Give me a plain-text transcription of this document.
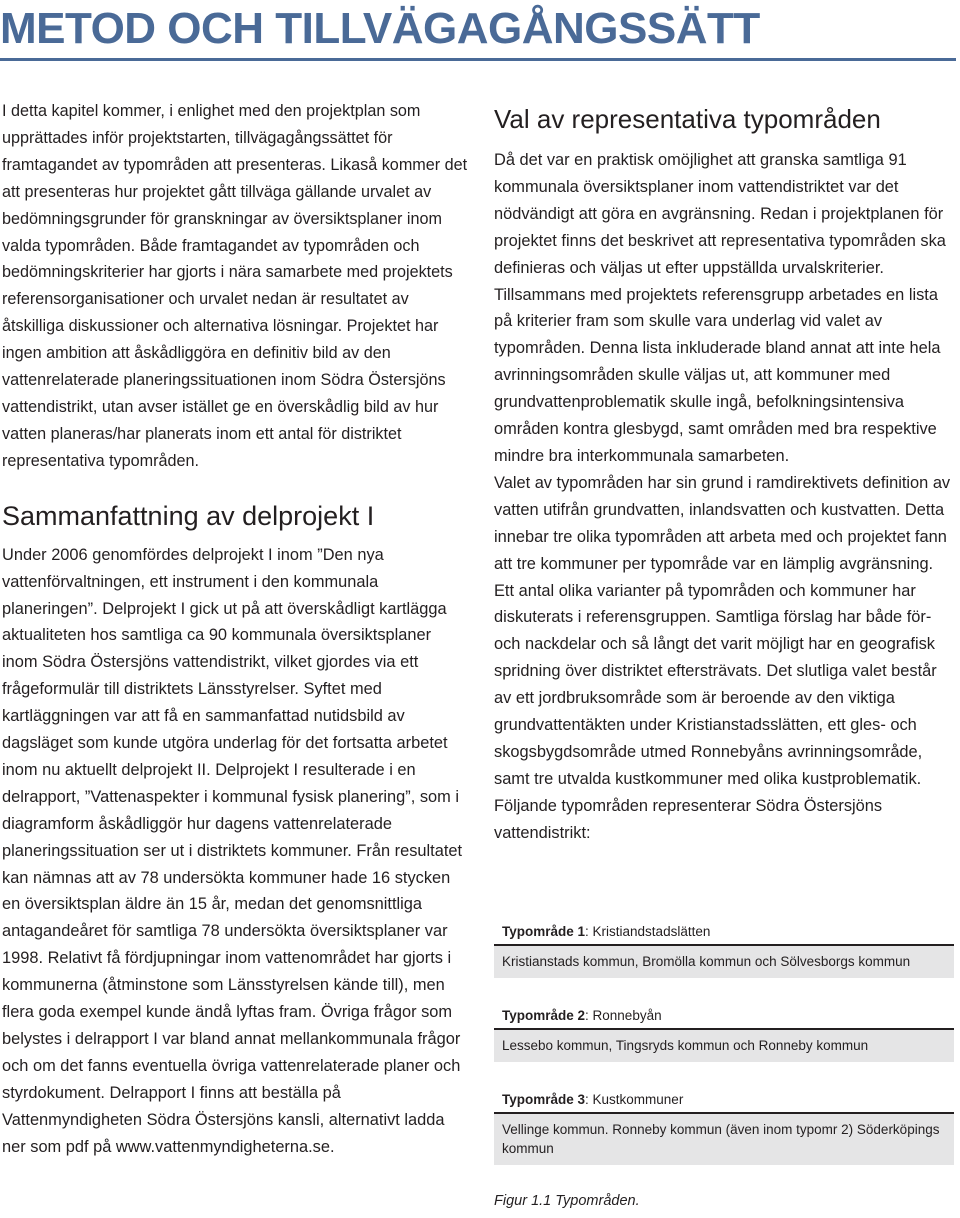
METOD OCH TILLVÄGAGÅNGSSÄTT

I detta kapitel kommer, i enlighet med den projektplan som upprättades inför projektstarten, tillvägagångssättet för framtagandet av typområden att presenteras. Likaså kommer det att presenteras hur projektet gått tillväga gällande urvalet av bedömningsgrunder för granskningar av översiktsplaner inom valda typområden. Både framtagandet av typområden och bedömningskriterier har gjorts i nära samarbete med projektets referensorganisationer och urvalet nedan är resultatet av åtskilliga diskussioner och alternativa lösningar. Projektet har ingen ambition att åskådliggöra en definitiv bild av den vattenrelaterade planeringssituationen inom Södra Östersjöns vattendistrikt, utan avser istället ge en överskådlig bild av hur vatten planeras/har planerats inom ett antal för distriktet representativa typområden.

Sammanfattning av delprojekt I

Under 2006 genomfördes delprojekt I inom ”Den nya vattenförvaltningen, ett instrument i den kommunala planeringen”. Delprojekt I gick ut på att överskådligt kartlägga aktualiteten hos samtliga ca 90 kommunala översiktsplaner inom Södra Östersjöns vattendistrikt, vilket gjordes via ett frågeformulär till distriktets Länsstyrelser. Syftet med kartläggningen var att få en sammanfattad nutidsbild av dagsläget som kunde utgöra underlag för det fortsatta arbetet inom nu aktuellt delprojekt II. Delprojekt I resulterade i en delrapport, ”Vattenaspekter i kommunal fysisk planering”, som i diagramform åskådliggör hur dagens vattenrelaterade planeringssituation ser ut i distriktets kommuner. Från resultatet kan nämnas att av 78 undersökta kommuner hade 16 stycken en översiktsplan äldre än 15 år, medan det genomsnittliga antagandeåret för samtliga 78 undersökta översiktsplaner var 1998. Relativt få fördjupningar inom vattenområdet har gjorts i kommunerna (åtminstone som Länsstyrelsen kände till), men flera goda exempel kunde ändå lyftas fram. Övriga frågor som belystes i delrapport I var bland annat mellankommunala frågor och om det fanns eventuella övriga vattenrelaterade planer och styrdokument. Delrapport I finns att beställa på Vattenmyndigheten Södra Östersjöns kansli, alternativt ladda ner som pdf på www.vattenmyndigheterna.se.

Val av representativa typområden

Då det var en praktisk omöjlighet att granska samtliga 91 kommunala översiktsplaner inom vattendistriktet var det nödvändigt att göra en avgränsning. Redan i projektplanen för projektet finns det beskrivet att representativa typområden ska definieras och väljas ut efter uppställda urvalskriterier. Tillsammans med projektets referensgrupp arbetades en lista på kriterier fram som skulle vara underlag vid valet av typområden. Denna lista inkluderade bland annat att inte hela avrinningsområden skulle väljas ut, att kommuner med grundvattenproblematik skulle ingå, befolkningsintensiva områden kontra glesbygd, samt områden med bra respektive mindre bra interkommunala samarbeten.

Valet av typområden har sin grund i ramdirektivets definition av vatten utifrån grundvatten, inlandsvatten och kustvatten. Detta innebar tre olika typområden att arbeta med och projektet fann att tre kommuner per typområde var en lämplig avgränsning. Ett antal olika varianter på typområden och kommuner har diskuterats i referensgruppen. Samtliga förslag har både för- och nackdelar och så långt det varit möjligt har en geografisk spridning över distriktet eftersträvats. Det slutliga valet består av ett jordbruksområde som är beroende av den viktiga grundvattentäkten under Kristianstadsslätten, ett gles- och skogsbygdsområde utmed Ronnebyåns avrinningsområde, samt tre utvalda kustkommuner med olika kustproblematik. Följande typområden representerar Södra Östersjöns vattendistrikt:

Typområde 1: Kristiandstadslätten
Kristianstads kommun, Bromölla kommun och Sölvesborgs kommun
Typområde 2: Ronnebyån
Lessebo kommun, Tingsryds kommun och Ronneby kommun
Typområde 3: Kustkommuner
Vellinge kommun. Ronneby kommun (även inom typomr 2) Söderköpings kommun
Figur 1.1 Typområden.
